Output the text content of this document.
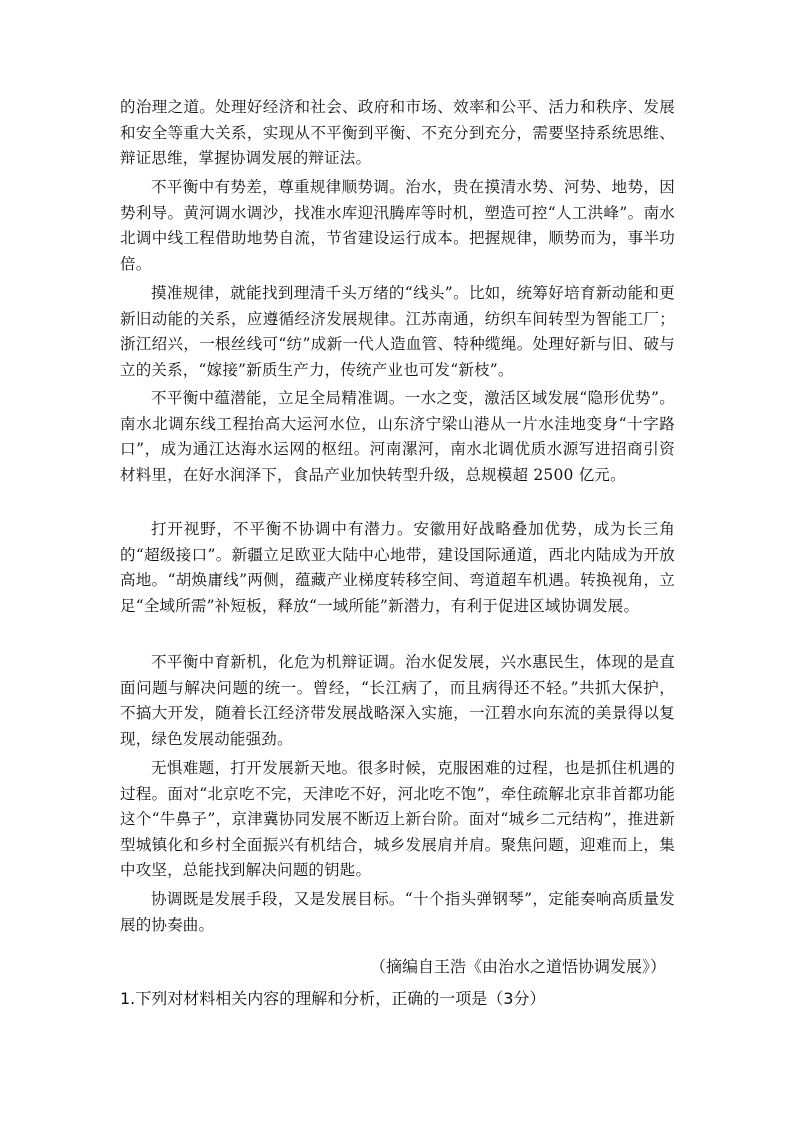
的治理之道。处理好经济和社会、政府和市场、效率和公平、活力和秩序、发展和安全等重大关系，实现从不平衡到平衡、不充分到充分，需要坚持系统思维、辩证思维，掌握协调发展的辩证法。

不平衡中有势差，尊重规律顺势调。治水，贵在摸清水势、河势、地势，因势利导。黄河调水调沙，找准水库迎汛腾库等时机，塑造可控“人工洪峰”。南水北调中线工程借助地势自流，节省建设运行成本。把握规律，顺势而为，事半功倍。

摸准规律，就能找到理清千头万绪的“线头”。比如，统筹好培育新动能和更新旧动能的关系，应遵循经济发展规律。江苏南通，纺织车间转型为智能工厂；浙江绍兴，一根丝线可“纺”成新一代人造血管、特种缆绳。处理好新与旧、破与立的关系，“嫁接”新质生产力，传统产业也可发“新枝”。

不平衡中蕴潜能，立足全局精准调。一水之变，激活区域发展“隐形优势”。南水北调东线工程抬高大运河水位，山东济宁梁山港从一片水洼地变身“十字路口”，成为通江达海水运网的枢纽。河南漯河，南水北调优质水源写进招商引资材料里，在好水润泽下，食品产业加快转型升级，总规模超 2500 亿元。

打开视野，不平衡不协调中有潜力。安徽用好战略叠加优势，成为长三角的“超级接口”。新疆立足欧亚大陆中心地带，建设国际通道，西北内陆成为开放高地。“胡焕庸线”两侧，蕴藏产业梯度转移空间、弯道超车机遇。转换视角，立足“全域所需”补短板，释放“一域所能”新潜力，有利于促进区域协调发展。

不平衡中育新机，化危为机辩证调。治水促发展，兴水惠民生，体现的是直面问题与解决问题的统一。曾经，“长江病了，而且病得还不轻。”共抓大保护，不搞大开发，随着长江经济带发展战略深入实施，一江碧水向东流的美景得以复现，绿色发展动能强劲。

无惧难题，打开发展新天地。很多时候，克服困难的过程，也是抓住机遇的过程。面对“北京吃不完，天津吃不好，河北吃不饱”，牵住疏解北京非首都功能这个“牛鼻子”，京津冀协同发展不断迈上新台阶。面对“城乡二元结构”，推进新型城镇化和乡村全面振兴有机结合，城乡发展肩并肩。聚焦问题，迎难而上，集中攻坚，总能找到解决问题的钥匙。

协调既是发展手段，又是发展目标。“十个指头弹钢琴”，定能奏响高质量发展的协奏曲。

（摘编自王浩《由治水之道悟协调发展》）

1.下列对材料相关内容的理解和分析，正确的一项是（3分）
